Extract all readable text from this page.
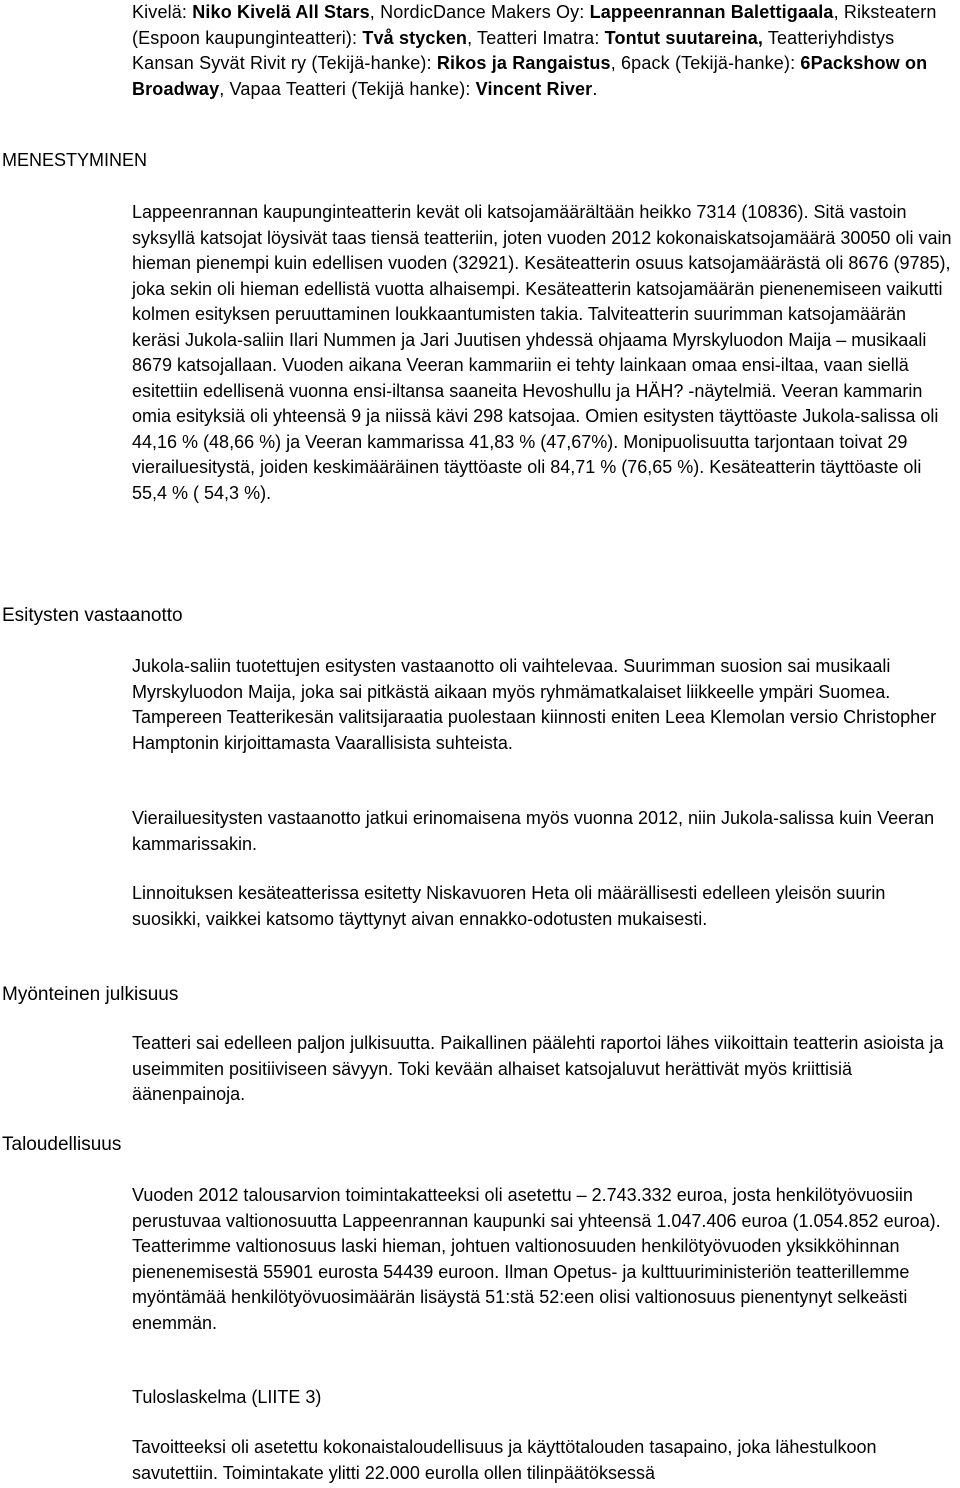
Kivelä: Niko Kivelä All Stars, NordicDance Makers Oy: Lappeenrannan Balettigaala, Riksteatern (Espoon kaupunginteatteri): Två stycken, Teatteri Imatra: Tontut suutareina, Teatteriyhdistys Kansan Syvät Rivit ry (Tekijä-hanke): Rikos ja Rangaistus, 6pack (Tekijä-hanke): 6Packshow on Broadway, Vapaa Teatteri (Tekijä hanke): Vincent River.

MENESTYMINEN

Lappeenrannan kaupunginteatterin kevät oli katsojamäärältään heikko 7314 (10836). Sitä vastoin syksyllä katsojat löysivät taas tiensä teatteriin, joten vuoden 2012 kokonaiskatsojamäärä 30050 oli vain hieman pienempi kuin edellisen vuoden (32921). Kesäteatterin osuus katsojamäärästä oli 8676 (9785), joka sekin oli hieman edellistä vuotta alhaisempi. Kesäteatterin katsojamäärän pienenemiseen vaikutti kolmen esityksen peruuttaminen loukkaantumisten takia. Talviteatterin suurimman katsojamäärän keräsi Jukola-saliin Ilari Nummen ja Jari Juutisen yhdessä ohjaama Myrskyluodon Maija – musikaali 8679 katsojallaan. Vuoden aikana Veeran kammariin ei tehty lainkaan omaa ensi-iltaa, vaan siellä esitettiin edellisenä vuonna ensi-iltansa saaneita Hevoshullu ja HÄH? -näytelmiä. Veeran kammarin omia esityksiä oli yhteensä 9 ja niissä kävi 298 katsojaa. Omien esitysten täyttöaste Jukola-salissa oli 44,16 % (48,66 %) ja Veeran kammarissa 41,83 % (47,67%). Monipuolisuutta tarjontaan toivat 29 vierailuesitystä, joiden keskimääräinen täyttöaste oli 84,71 % (76,65 %). Kesäteatterin täyttöaste oli 55,4 % ( 54,3 %).

Esitysten vastaanotto

Jukola-saliin tuotettujen esitysten vastaanotto oli vaihtelevaa. Suurimman suosion sai musikaali Myrskyluodon Maija, joka sai pitkästä aikaan myös ryhmämatkalaiset liikkeelle ympäri Suomea. Tampereen Teatterikesän valitsijaraatia puolestaan kiinnosti eniten Leea Klemolan versio Christopher Hamptonin kirjoittamasta Vaarallisista suhteista.

Vierailuesitysten vastaanotto jatkui erinomaisena myös vuonna 2012, niin Jukola-salissa kuin Veeran kammarissakin.

Linnoituksen kesäteatterissa esitetty Niskavuoren Heta oli määrällisesti edelleen yleisön suurin suosikki, vaikkei katsomo täyttynyt aivan ennakko-odotusten mukaisesti.

Myönteinen julkisuus

Teatteri sai edelleen paljon julkisuutta. Paikallinen päälehti raportoi lähes viikoittain teatterin asioista ja useimmiten positiiviseen sävyyn. Toki kevään alhaiset katsojaluvut herättivät myös kriittisiä äänenpainoja.

Taloudellisuus

Vuoden 2012 talousarvion toimintakatteeksi oli asetettu – 2.743.332 euroa, josta henkilötyövuosiin perustuvaa valtionosuutta Lappeenrannan kaupunki sai yhteensä 1.047.406 euroa (1.054.852 euroa). Teatterimme valtionosuus laski hieman, johtuen valtionosuuden henkilötyövuoden yksikköhinnan pienenemisestä 55901 eurosta 54439 euroon. Ilman Opetus- ja kulttuuriministeriön teatterillemme myöntämää henkilötyövuosimäärän lisäystä 51:stä 52:een olisi valtionosuus pienentynyt selkeästi enemmän.

Tuloslaskelma (LIITE 3)

Tavoitteeksi oli asetettu kokonaistaloudellisuus ja käyttötalouden tasapaino, joka lähestulkoon savutettiin. Toimintakate ylitti 22.000 eurolla ollen tilinpäätöksessä
